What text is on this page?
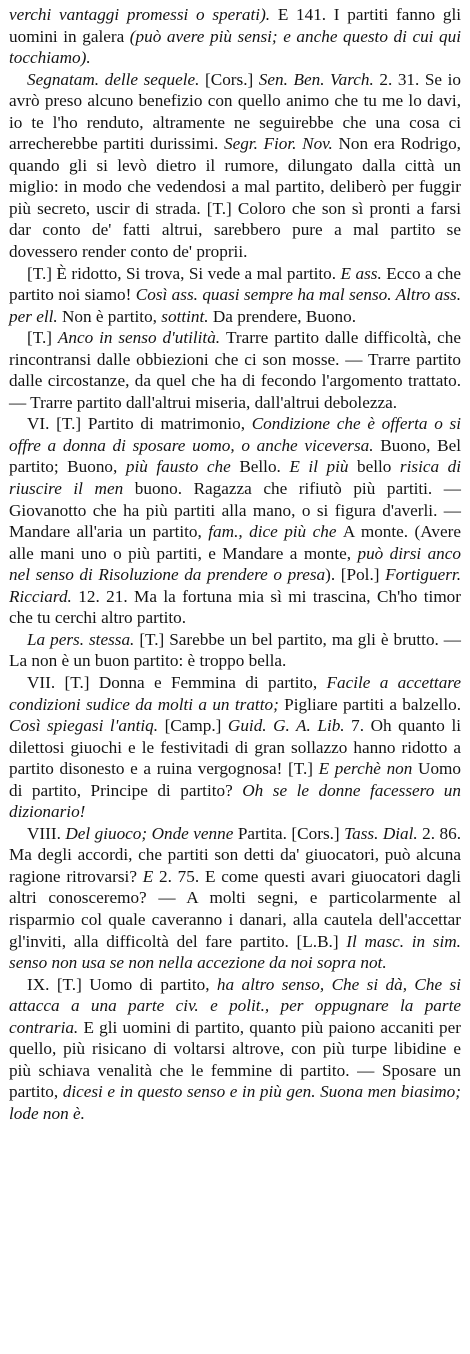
verchi vantaggi promessi o sperati). E 141. I partiti fanno gli uomini in galera (può avere più sensi; e anche questo di cui qui tocchiamo).

Segnatam. delle sequele. [Cors.] Sen. Ben. Varch. 2. 31. Se io avrò preso alcuno benefizio con quello animo che tu me lo davi, io te l'ho renduto, altramente ne seguirebbe che una cosa ci arrecherebbe partiti durissimi. Segr. Fior. Nov. Non era Rodrigo, quando gli si levò dietro il rumore, dilungato dalla città un miglio: in modo che vedendosi a mal partito, deliberò per fuggir più secreto, uscir di strada. [T.] Coloro che son sì pronti a farsi dar conto de' fatti altrui, sarebbero pure a mal partito se dovessero render conto de' proprii.

[T.] È ridotto, Si trova, Si vede a mal partito. E ass. Ecco a che partito noi siamo! Così ass. quasi sempre ha mal senso. Altro ass. per ell. Non è partito, sottint. Da prendere, Buono.

[T.] Anco in senso d'utilità. Trarre partito dalle difficoltà, che rincontransi dalle obbiezioni che ci son mosse. — Trarre partito dalle circostanze, da quel che ha di fecondo l'argomento trattato. — Trarre partito dall'altrui miseria, dall'altrui debolezza.

VI. [T.] Partito di matrimonio, Condizione che è offerta o si offre a donna di sposare uomo, o anche viceversa. Buono, Bel partito; Buono, più fausto che Bello. E il più bello risica di riuscire il men buono. Ragazza che rifiutò più partiti. — Giovanotto che ha più partiti alla mano, o si figura d'averli. — Mandare all'aria un partito, fam., dice più che A monte. (Avere alle mani uno o più partiti, e Mandare a monte, può dirsi anco nel senso di Risoluzione da prendere o presa). [Pol.] Fortiguerr. Ricciard. 12. 21. Ma la fortuna mia sì mi trascina, Ch'ho timor che tu cerchi altro partito.

La pers. stessa. [T.] Sarebbe un bel partito, ma gli è brutto. — La non è un buon partito: è troppo bella.

VII. [T.] Donna e Femmina di partito, Facile a accettare condizioni sudice da molti a un tratto; Pigliare partiti a balzello. Così spiegasi l'antiq. [Camp.] Guid. G. A. Lib. 7. Oh quanto li dilettosi giuochi e le festivitadi di gran sollazzo hanno ridotto a partito disonesto e a ruina vergognosa! [T.] E perchè non Uomo di partito, Principe di partito? Oh se le donne facessero un dizionario!

VIII. Del giuoco; Onde venne Partita. [Cors.] Tass. Dial. 2. 86. Ma degli accordi, che partiti son detti da' giuocatori, può alcuna ragione ritrovarsi? E 2. 75. E come questi avari giuocatori dagli altri conosceremo? — A molti segni, e particolarmente al risparmio col quale caveranno i danari, alla cautela dell'accettar gl'inviti, alla difficoltà del fare partito. [L.B.] Il masc. in sim. senso non usa se non nella accezione da noi sopra not.

IX. [T.] Uomo di partito, ha altro senso, Che si dà, Che si attacca a una parte civ. e polit., per oppugnare la parte contraria. E gli uomini di partito, quanto più paiono accaniti per quello, più risicano di voltarsi altrove, con più turpe libidine e più schiava venalità che le femmine di partito. — Sposare un partito, dicesi e in questo senso e in più gen. Suona men biasimo; lode non è.
